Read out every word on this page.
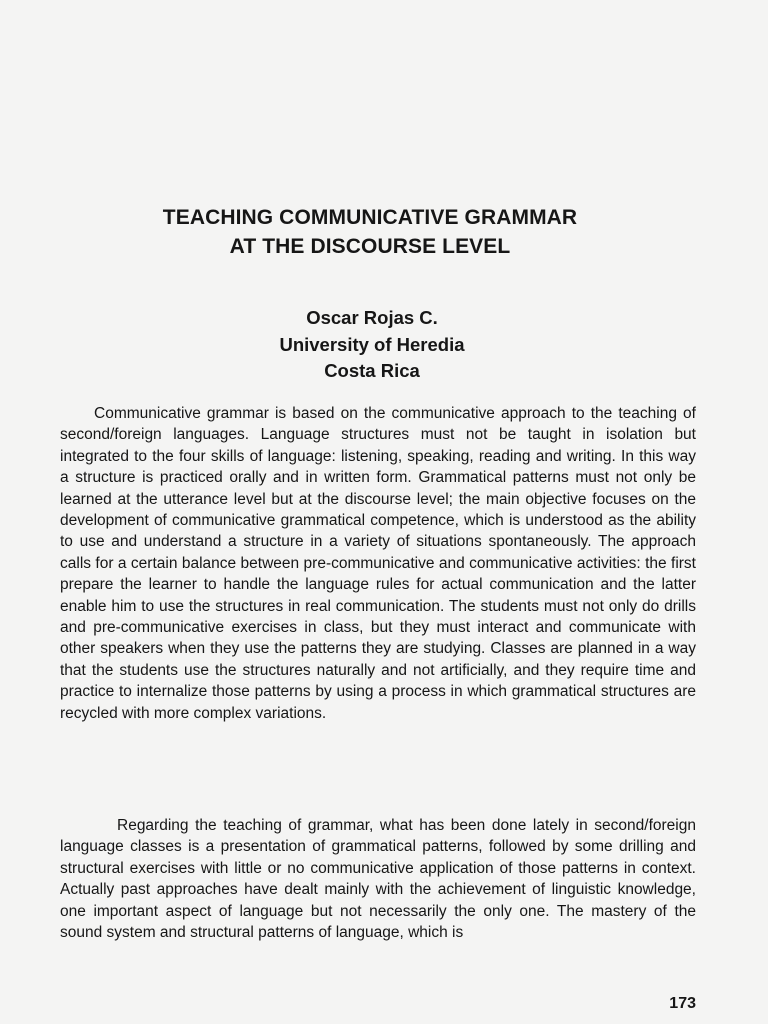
TEACHING COMMUNICATIVE GRAMMAR
AT THE DISCOURSE LEVEL
Oscar Rojas C.
University of Heredia
Costa Rica

Communicative grammar is based on the communicative approach to the teaching of second/foreign languages. Language structures must not be taught in isolation but integrated to the four skills of language: listening, speaking, reading and writing. In this way a structure is practiced orally and in written form. Grammatical patterns must not only be learned at the utterance level but at the discourse level; the main objective focuses on the development of communicative grammatical competence, which is understood as the ability to use and understand a structure in a variety of situations spontaneously. The approach calls for a certain balance between pre-communicative and communicative activities: the first prepare the learner to handle the language rules for actual communication and the latter enable him to use the structures in real communication. The students must not only do drills and pre-communicative exercises in class, but they must interact and communicate with other speakers when they use the patterns they are studying. Classes are planned in a way that the students use the structures naturally and not artificially, and they require time and practice to internalize those patterns by using a process in which grammatical structures are recycled with more complex variations.

Regarding the teaching of grammar, what has been done lately in second/foreign language classes is a presentation of grammatical patterns, followed by some drilling and structural exercises with little or no communicative application of those patterns in context. Actually past approaches have dealt mainly with the achievement of linguistic knowledge, one important aspect of language but not necessarily the only one. The mastery of the sound system and structural patterns of language, which is

173
